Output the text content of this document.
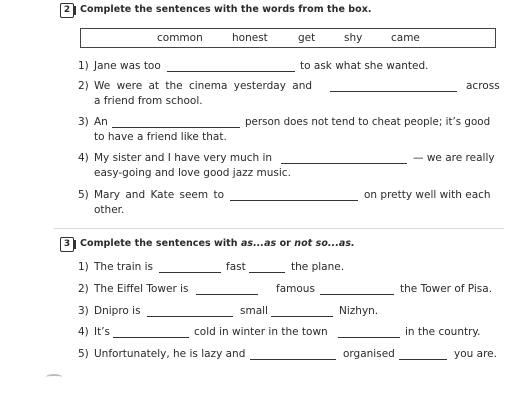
2	Complete the sentences with the words from the box.
common	honest	get	shy	came
1) Jane was too	to ask what she wanted.
2) We were at the cinema yesterday and	across
a friend from school.
3) An	person does not tend to cheat people; it’s good
to have a friend like that.
4) My sister and I have very much in	— we are really
easy-going and love good jazz music.
5) Mary and Kate seem to	on pretty well with each
other.
3	Complete the sentences with as...as or not so...as.
1) The train is	fast	the plane.
2) The Eiffel Tower is	famous	the Tower of Pisa.
3) Dnipro is	small	Nizhyn.
4) It’s	cold in winter in the town	in the country.
5) Unfortunately, he is lazy and	organised	you are.
